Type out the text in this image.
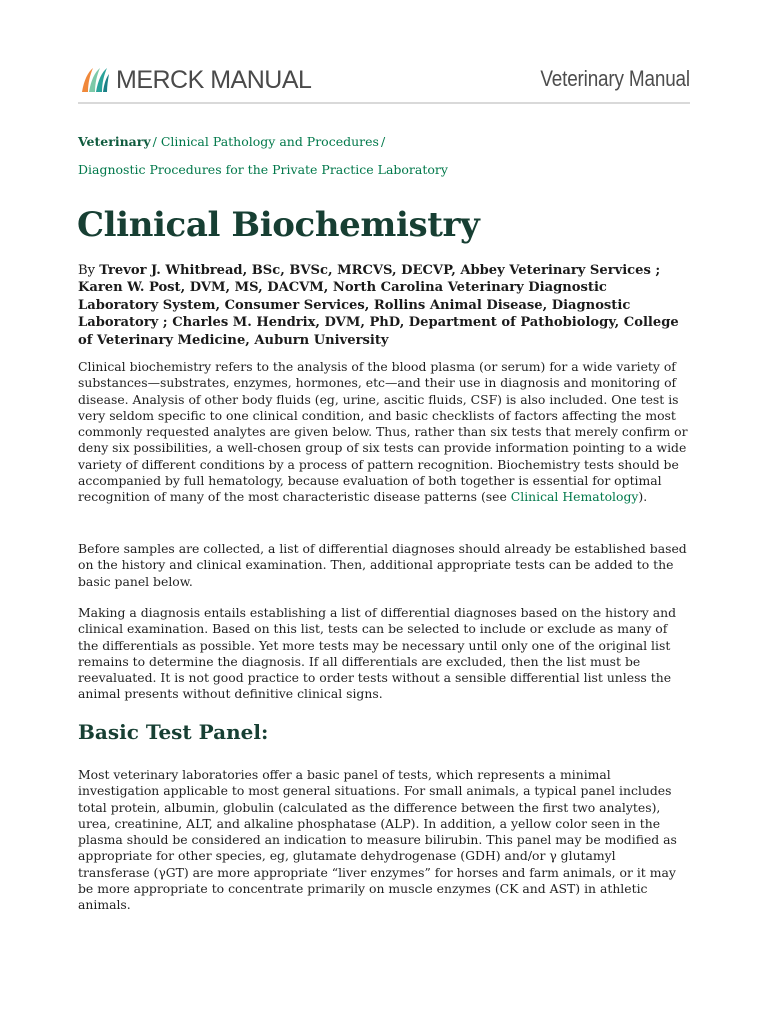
MERCK MANUAL	Veterinary Manual
Veterinary / Clinical Pathology and Procedures /
Diagnostic Procedures for the Private Practice Laboratory
Clinical Biochemistry
By Trevor J. Whitbread, BSc, BVSc, MRCVS, DECVP, Abbey Veterinary Services ; Karen W. Post, DVM, MS, DACVM, North Carolina Veterinary Diagnostic Laboratory System, Consumer Services, Rollins Animal Disease, Diagnostic Laboratory ; Charles M. Hendrix, DVM, PhD, Department of Pathobiology, College of Veterinary Medicine, Auburn University

Clinical biochemistry refers to the analysis of the blood plasma (or serum) for a wide variety of substances—substrates, enzymes, hormones, etc—and their use in diagnosis and monitoring of disease. Analysis of other body fluids (eg, urine, ascitic fluids, CSF) is also included. One test is very seldom specific to one clinical condition, and basic checklists of factors affecting the most commonly requested analytes are given below. Thus, rather than six tests that merely confirm or deny six possibilities, a well-chosen group of six tests can provide information pointing to a wide variety of different conditions by a process of pattern recognition. Biochemistry tests should be accompanied by full hematology, because evaluation of both together is essential for optimal recognition of many of the most characteristic disease patterns (see Clinical Hematology).

Before samples are collected, a list of differential diagnoses should already be established based on the history and clinical examination. Then, additional appropriate tests can be added to the basic panel below.

Making a diagnosis entails establishing a list of differential diagnoses based on the history and clinical examination. Based on this list, tests can be selected to include or exclude as many of the differentials as possible. Yet more tests may be necessary until only one of the original list remains to determine the diagnosis. If all differentials are excluded, then the list must be reevaluated. It is not good practice to order tests without a sensible differential list unless the animal presents without definitive clinical signs.

Basic Test Panel:

Most veterinary laboratories offer a basic panel of tests, which represents a minimal investigation applicable to most general situations. For small animals, a typical panel includes total protein, albumin, globulin (calculated as the difference between the first two analytes), urea, creatinine, ALT, and alkaline phosphatase (ALP). In addition, a yellow color seen in the plasma should be considered an indication to measure bilirubin. This panel may be modified as appropriate for other species, eg, glutamate dehydrogenase (GDH) and/or γ glutamyl transferase (γGT) are more appropriate “liver enzymes” for horses and farm animals, or it may be more appropriate to concentrate primarily on muscle enzymes (CK and AST) in athletic animals.
